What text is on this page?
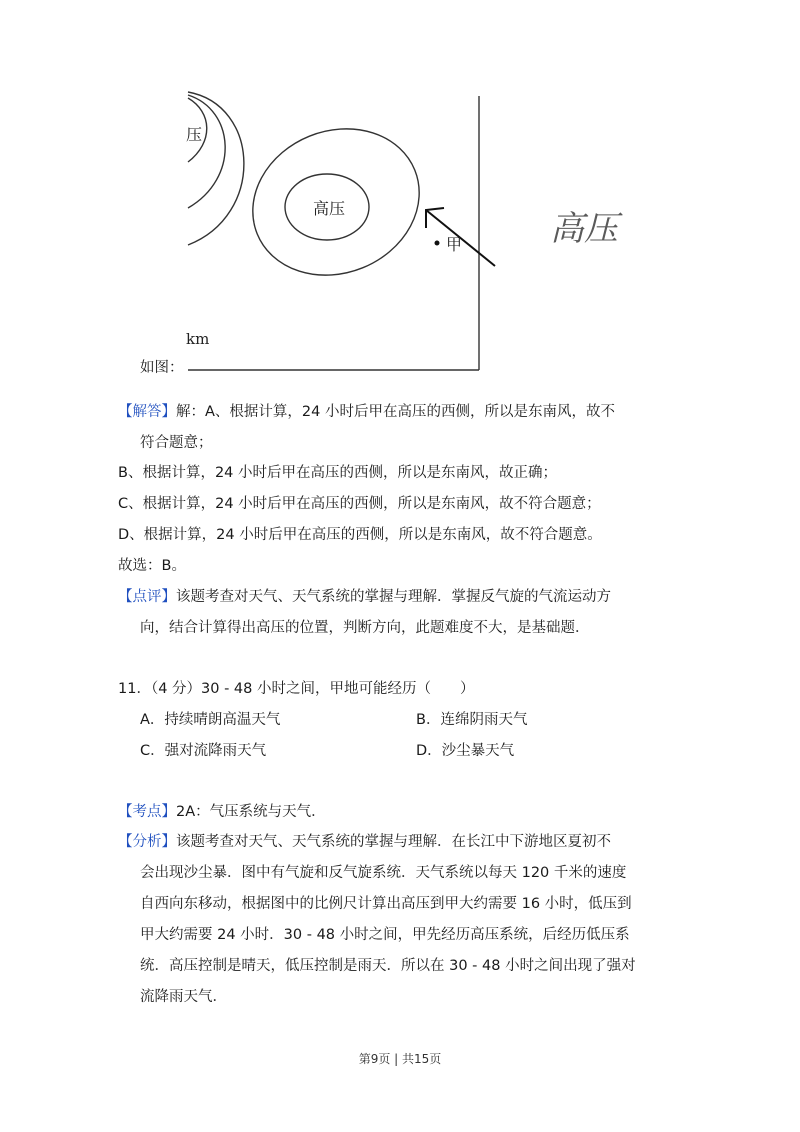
压
高压
甲
km
高压
如图：
【解答】解：A、根据计算，24 小时后甲在高压的西侧，所以是东南风，故不
符合题意；
B、根据计算，24 小时后甲在高压的西侧，所以是东南风，故正确；
C、根据计算，24 小时后甲在高压的西侧，所以是东南风，故不符合题意；
D、根据计算，24 小时后甲在高压的西侧，所以是东南风，故不符合题意。
故选：B。
【点评】该题考查对天气、天气系统的掌握与理解．掌握反气旋的气流运动方
向，结合计算得出高压的位置，判断方向，此题难度不大，是基础题．
11．（4 分）30 - 48 小时之间，甲地可能经历（　　）
A．持续晴朗高温天气	B．连绵阴雨天气
C．强对流降雨天气	D．沙尘暴天气
【考点】2A：气压系统与天气．
【分析】该题考查对天气、天气系统的掌握与理解．在长江中下游地区夏初不
会出现沙尘暴．图中有气旋和反气旋系统．天气系统以每天 120 千米的速度
自西向东移动，根据图中的比例尺计算出高压到甲大约需要 16 小时，低压到
甲大约需要 24 小时．30 - 48 小时之间，甲先经历高压系统，后经历低压系
统．高压控制是晴天，低压控制是雨天．所以在 30 - 48 小时之间出现了强对
流降雨天气．
第9页 | 共15页
